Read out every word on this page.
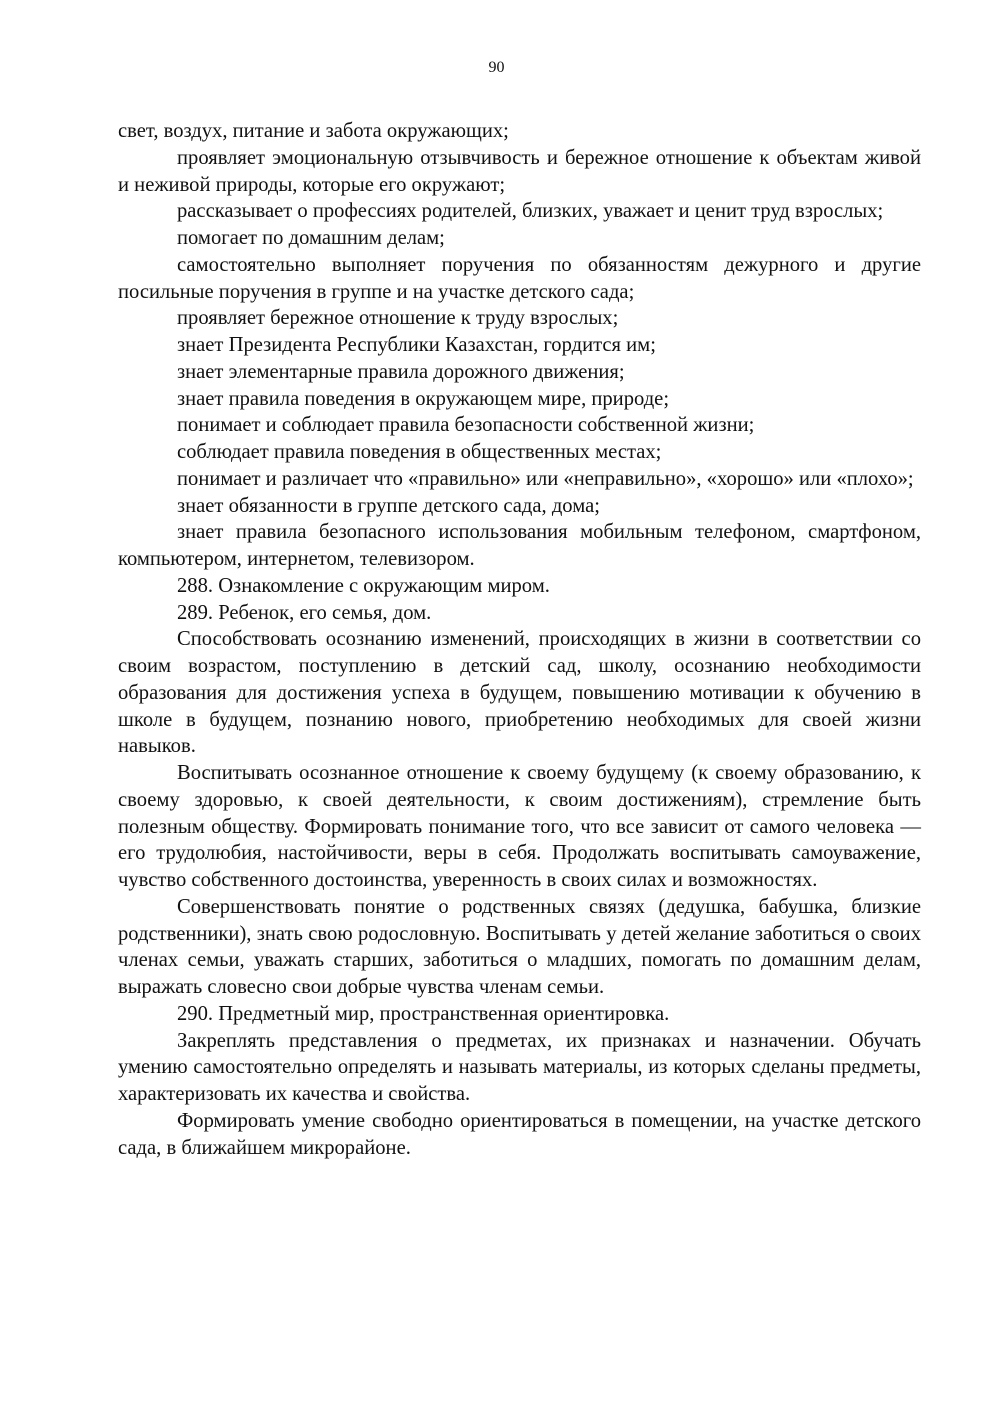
90

свет, воздух, питание и забота окружающих;

проявляет эмоциональную отзывчивость и бережное отношение к объектам живой и неживой природы, которые его окружают;

рассказывает о профессиях родителей, близких, уважает и ценит труд взрослых;

помогает по домашним делам;

самостоятельно выполняет поручения по обязанностям дежурного и другие посильные поручения в группе и на участке детского сада;

проявляет бережное отношение к труду взрослых;

знает Президента Республики Казахстан, гордится им;

знает элементарные правила дорожного движения;

знает правила поведения в окружающем мире, природе;

понимает и соблюдает правила безопасности собственной жизни;

соблюдает правила поведения в общественных местах;

понимает и различает что «правильно» или «неправильно», «хорошо» или «плохо»;

знает обязанности в группе детского сада, дома;

знает правила безопасного использования мобильным телефоном, смартфоном, компьютером, интернетом, телевизором.

288. Ознакомление с окружающим миром.

289. Ребенок, его семья, дом.

Способствовать осознанию изменений, происходящих в жизни в соответствии со своим возрастом, поступлению в детский сад, школу, осознанию необходимости образования для достижения успеха в будущем, повышению мотивации к обучению в школе в будущем, познанию нового, приобретению необходимых для своей жизни навыков.

Воспитывать осознанное отношение к своему будущему (к своему образованию, к своему здоровью, к своей деятельности, к своим достижениям), стремление быть полезным обществу. Формировать понимание того, что все зависит от самого человека — его трудолюбия, настойчивости, веры в себя. Продолжать воспитывать самоуважение, чувство собственного достоинства, уверенность в своих силах и возможностях.

Совершенствовать понятие о родственных связях (дедушка, бабушка, близкие родственники), знать свою родословную. Воспитывать у детей желание заботиться о своих членах семьи, уважать старших, заботиться о младших, помогать по домашним делам, выражать словесно свои добрые чувства членам семьи.

290. Предметный мир, пространственная ориентировка.

Закреплять представления о предметах, их признаках и назначении. Обучать умению самостоятельно определять и называть материалы, из которых сделаны предметы, характеризовать их качества и свойства.

Формировать умение свободно ориентироваться в помещении, на участке детского сада, в ближайшем микрорайоне.
